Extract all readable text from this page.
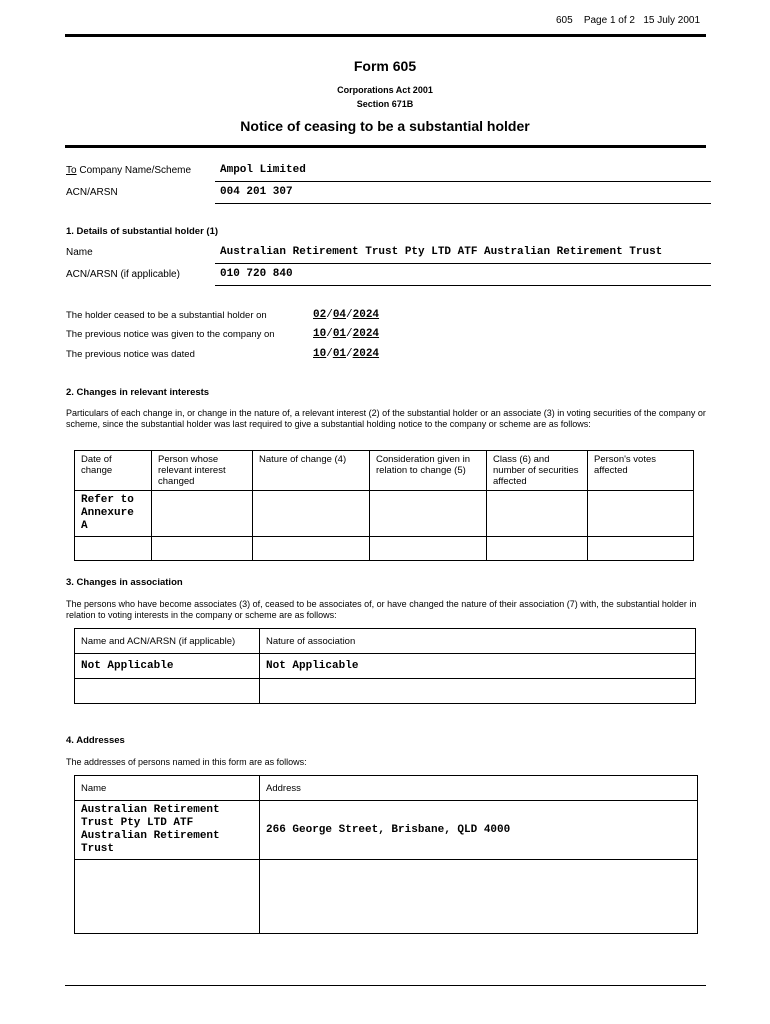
605 Page 1 of 2 15 July 2001
Form 605
Corporations Act 2001
Section 671B
Notice of ceasing to be a substantial holder
To Company Name/Scheme	Ampol Limited
ACN/ARSN	004 201 307
1. Details of substantial holder (1)
Name	Australian Retirement Trust Pty LTD ATF Australian Retirement Trust
ACN/ARSN (if applicable)	010 720 840
The holder ceased to be a substantial holder on	02/04/2024
The previous notice was given to the company on	10/01/2024
The previous notice was dated	10/01/2024
2. Changes in relevant interests
Particulars of each change in, or change in the nature of, a relevant interest (2) of the substantial holder or an associate (3) in voting securities of the company or scheme, since the substantial holder was last required to give a substantial holding notice to the company or scheme are as follows:
Date of change	Person whose relevant interest changed	Nature of change (4)	Consideration given in relation to change (5)	Class (6) and number of securities affected	Person's votes affected
Refer to Annexure A					

3. Changes in association
The persons who have become associates (3) of, ceased to be associates of, or have changed the nature of their association (7) with, the substantial holder in relation to voting interests in the company or scheme are as follows:
Name and ACN/ARSN (if applicable)	Nature of association
Not Applicable	Not Applicable

4. Addresses
The addresses of persons named in this form are as follows:
Name	Address
Australian Retirement Trust Pty LTD ATF Australian Retirement Trust	266 George Street, Brisbane, QLD 4000
